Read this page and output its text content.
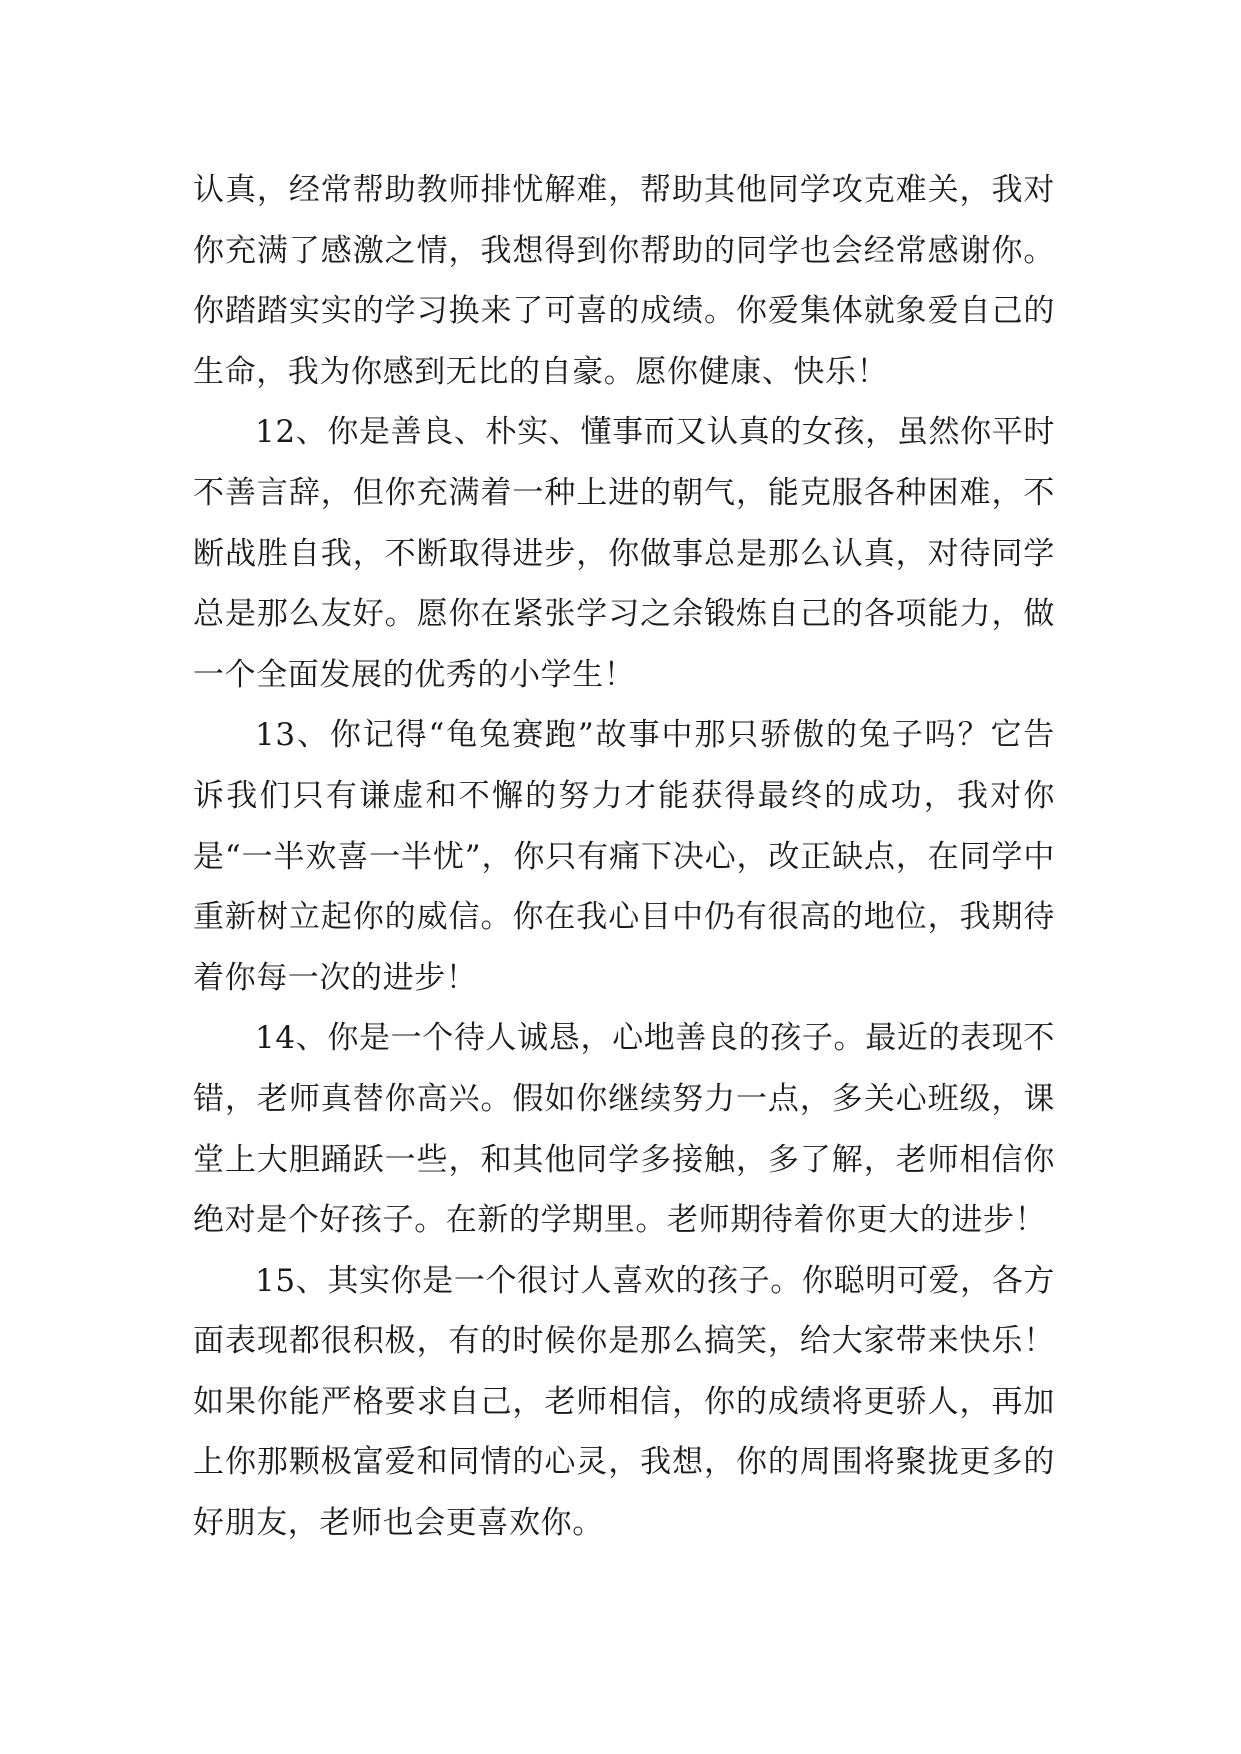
认真，经常帮助教师排忧解难，帮助其他同学攻克难关，我对你充满了感激之情，我想得到你帮助的同学也会经常感谢你。你踏踏实实的学习换来了可喜的成绩。你爱集体就象爱自己的生命，我为你感到无比的自豪。愿你健康、快乐！

12、你是善良、朴实、懂事而又认真的女孩，虽然你平时不善言辞，但你充满着一种上进的朝气，能克服各种困难，不断战胜自我，不断取得进步，你做事总是那么认真，对待同学总是那么友好。愿你在紧张学习之余锻炼自己的各项能力，做一个全面发展的优秀的小学生！

13、你记得“龟兔赛跑”故事中那只骄傲的兔子吗？它告诉我们只有谦虚和不懈的努力才能获得最终的成功，我对你是“一半欢喜一半忧”，你只有痛下决心，改正缺点，在同学中重新树立起你的威信。你在我心目中仍有很高的地位，我期待着你每一次的进步！

14、你是一个待人诚恳，心地善良的孩子。最近的表现不错，老师真替你高兴。假如你继续努力一点，多关心班级，课堂上大胆踊跃一些，和其他同学多接触，多了解，老师相信你绝对是个好孩子。在新的学期里。老师期待着你更大的进步！

15、其实你是一个很讨人喜欢的孩子。你聪明可爱，各方面表现都很积极，有的时候你是那么搞笑，给大家带来快乐！如果你能严格要求自己，老师相信，你的成绩将更骄人，再加上你那颗极富爱和同情的心灵，我想，你的周围将聚拢更多的好朋友，老师也会更喜欢你。
